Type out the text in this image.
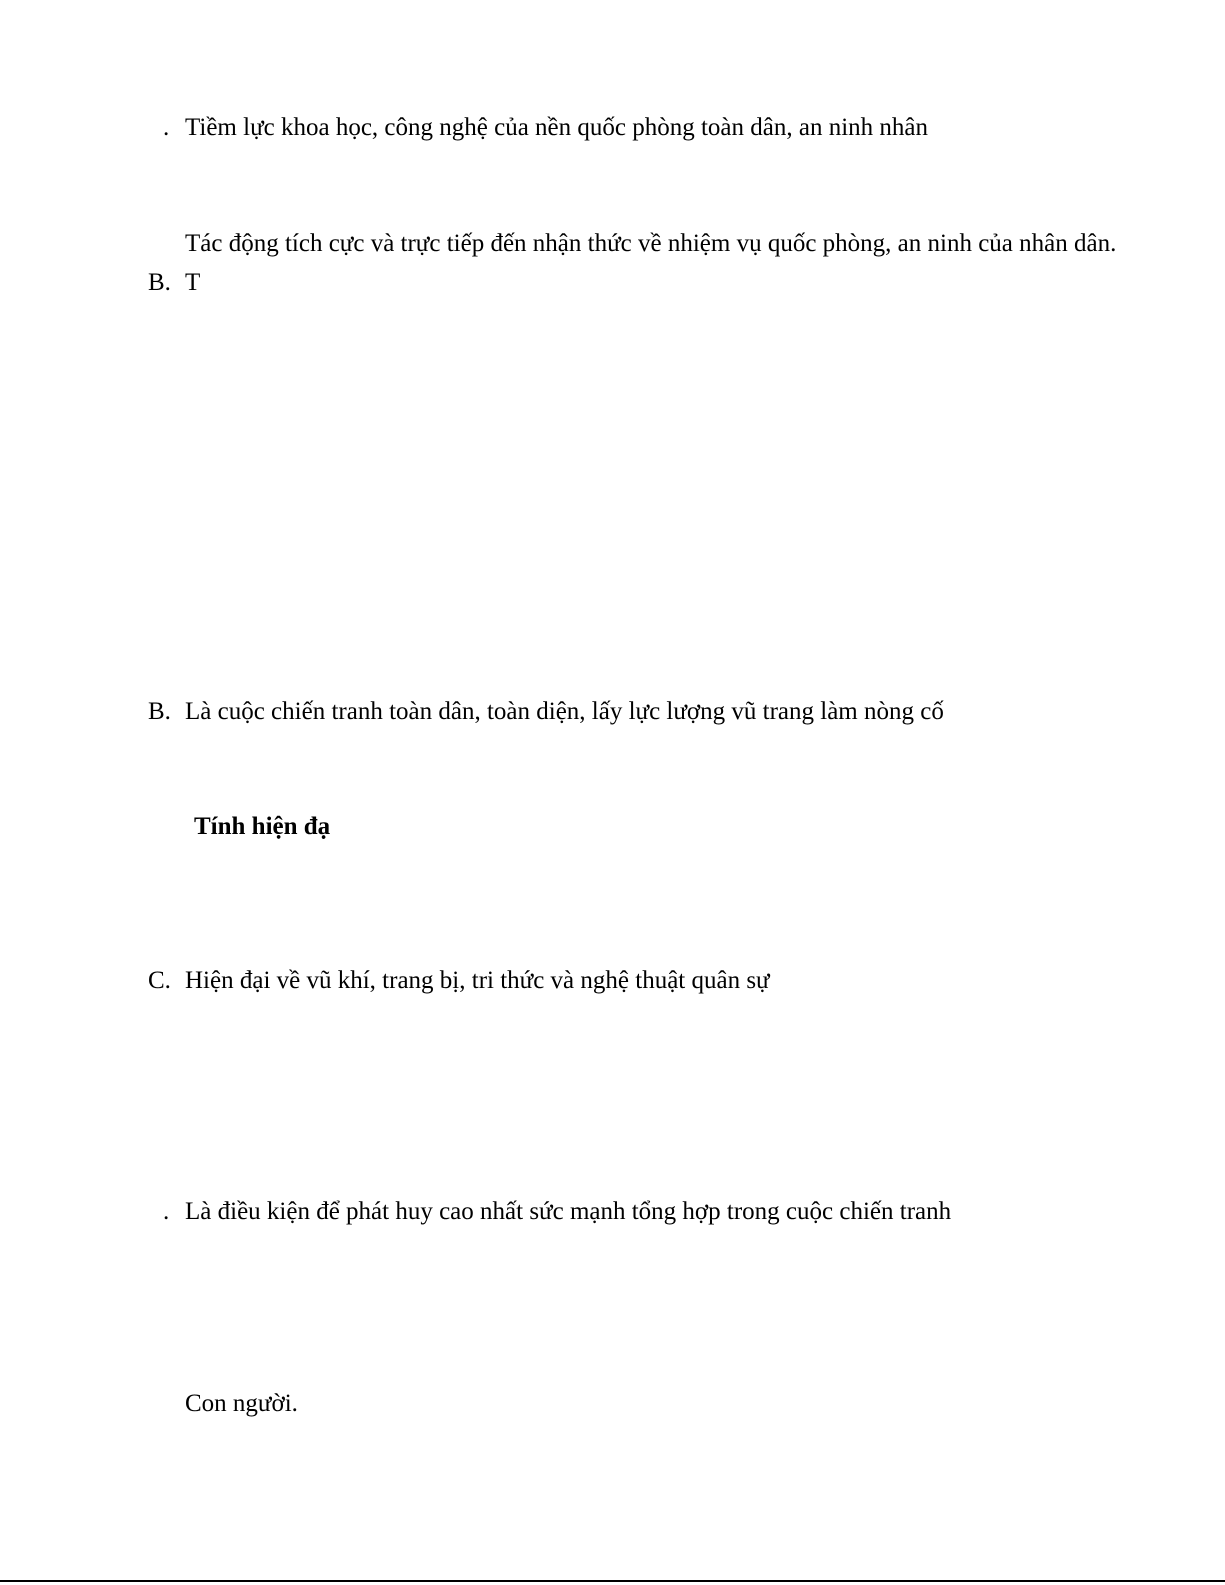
. Tiềm lực khoa học, công nghệ của nền quốc phòng toàn dân, an ninh nhân
Tác động tích cực và trực tiếp đến nhận thức về nhiệm vụ quốc phòng, an ninh của nhân dân.
B. T
B. Là cuộc chiến tranh toàn dân, toàn diện, lấy lực lượng vũ trang làm nòng cố
Tính hiện đạ
C. Hiện đại về vũ khí, trang bị, tri thức và nghệ thuật quân sự
. Là điều kiện để phát huy cao nhất sức mạnh tổng hợp trong cuộc chiến tranh
Con người.
